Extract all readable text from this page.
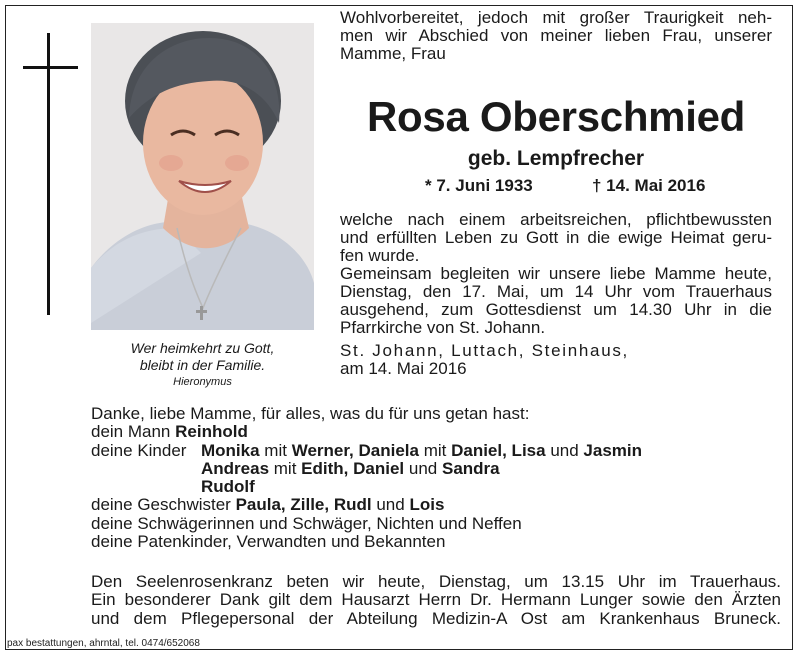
Wer heimkehrt zu Gott,
bleibt in der Familie.
Hieronymus
Wohlvorbereitet, jedoch mit großer Traurigkeit neh-
men wir Abschied von meiner lieben Frau, unserer
Mamme, Frau
Rosa Oberschmied
geb. Lempfrecher
* 7. Juni 1933	† 14. Mai 2016
welche nach einem arbeitsreichen, pflichtbewussten
und erfüllten Leben zu Gott in die ewige Heimat geru-
fen wurde.
Gemeinsam begleiten wir unsere liebe Mamme heute,
Dienstag, den 17. Mai, um 14 Uhr vom Trauerhaus
ausgehend, zum Gottesdienst um 14.30 Uhr in die
Pfarrkirche von St. Johann.
St. Johann, Luttach, Steinhaus,
am 14. Mai 2016
Danke, liebe Mamme, für alles, was du für uns getan hast:
dein Mann Reinhold
deine Kinder Monika mit Werner, Daniela mit Daniel, Lisa und Jasmin
Andreas mit Edith, Daniel und Sandra
Rudolf
deine Geschwister Paula, Zille, Rudl und Lois
deine Schwägerinnen und Schwäger, Nichten und Neffen
deine Patenkinder, Verwandten und Bekannten
Den Seelenrosenkranz beten wir heute, Dienstag, um 13.15 Uhr im Trauerhaus.
Ein besonderer Dank gilt dem Hausarzt Herrn Dr. Hermann Lunger sowie den Ärzten
und dem Pflegepersonal der Abteilung Medizin-A Ost am Krankenhaus Bruneck.
pax bestattungen, ahrntal, tel. 0474/652068
